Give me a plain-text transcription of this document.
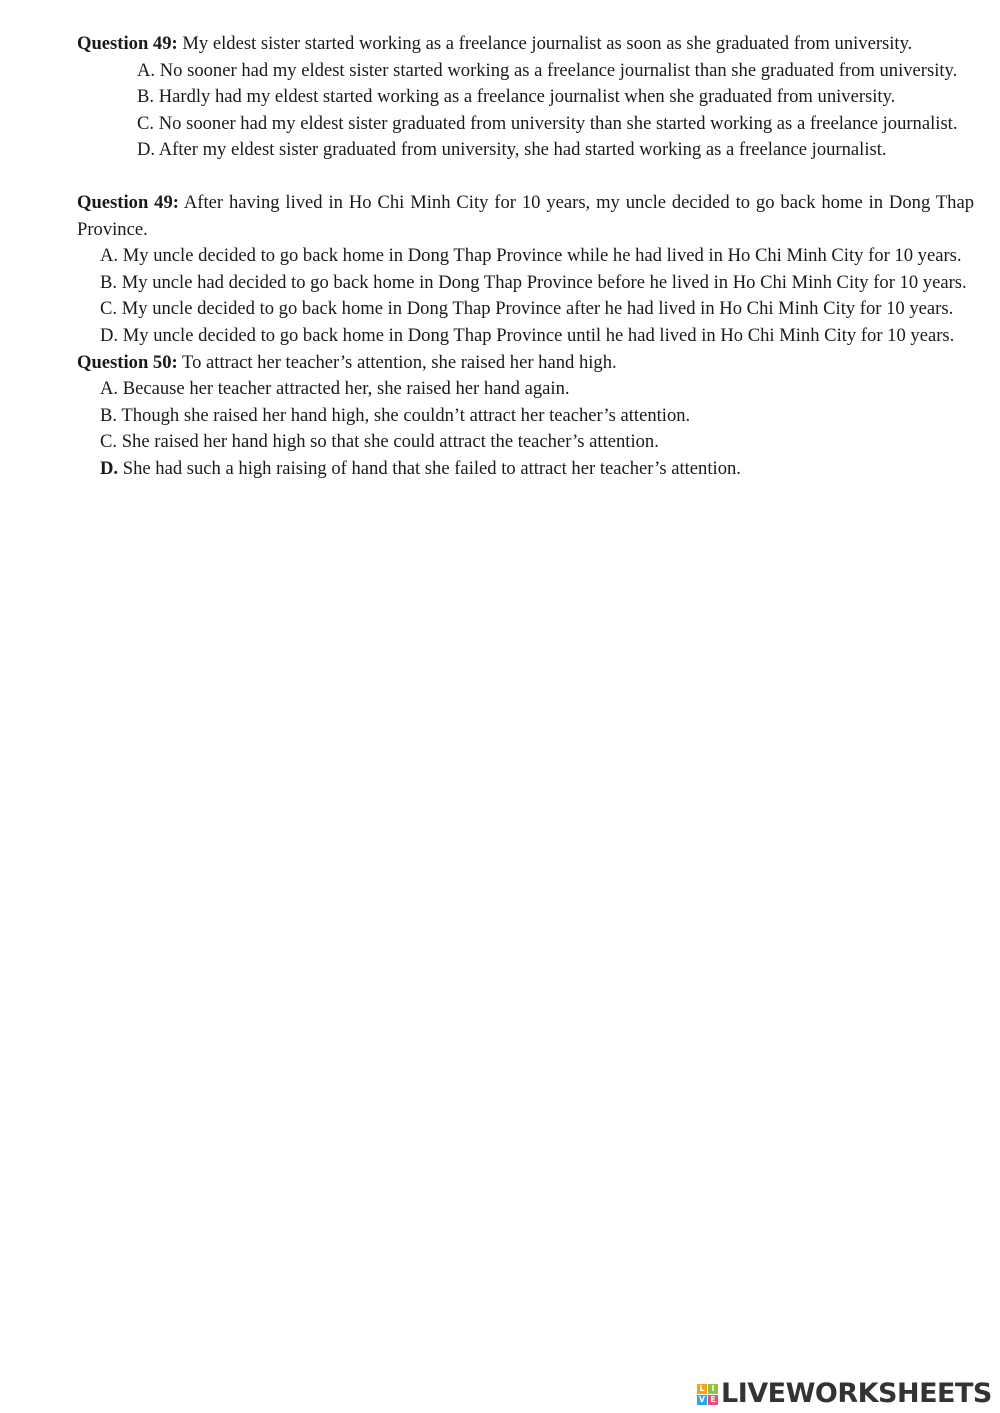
Question 49: My eldest sister started working as a freelance journalist as soon as she graduated from university.

A. No sooner had my eldest sister started working as a freelance journalist than she graduated from university.

B. Hardly had my eldest started working as a freelance journalist when she graduated from university.

C. No sooner had my eldest sister graduated from university than she started working as a freelance journalist.

D. After my eldest sister graduated from university, she had started working as a freelance journalist.

Question 49: After having lived in Ho Chi Minh City for 10 years, my uncle decided to go back home in Dong Thap Province.

A. My uncle decided to go back home in Dong Thap Province while he had lived in Ho Chi Minh City for 10 years.

B. My uncle had decided to go back home in Dong Thap Province before he lived in Ho Chi Minh City for 10 years.

C. My uncle decided to go back home in Dong Thap Province after he had lived in Ho Chi Minh City for 10 years.

D. My uncle decided to go back home in Dong Thap Province until he had lived in Ho Chi Minh City for 10 years.

Question 50: To attract her teacher’s attention, she raised her hand high.

A. Because her teacher attracted her, she raised her hand again.

B. Though she raised her hand high, she couldn’t attract her teacher’s attention.

C. She raised her hand high so that she could attract the teacher’s attention.

D. She had such a high raising of hand that she failed to attract her teacher’s attention.

L I
V E LIVEWORKSHEETS
